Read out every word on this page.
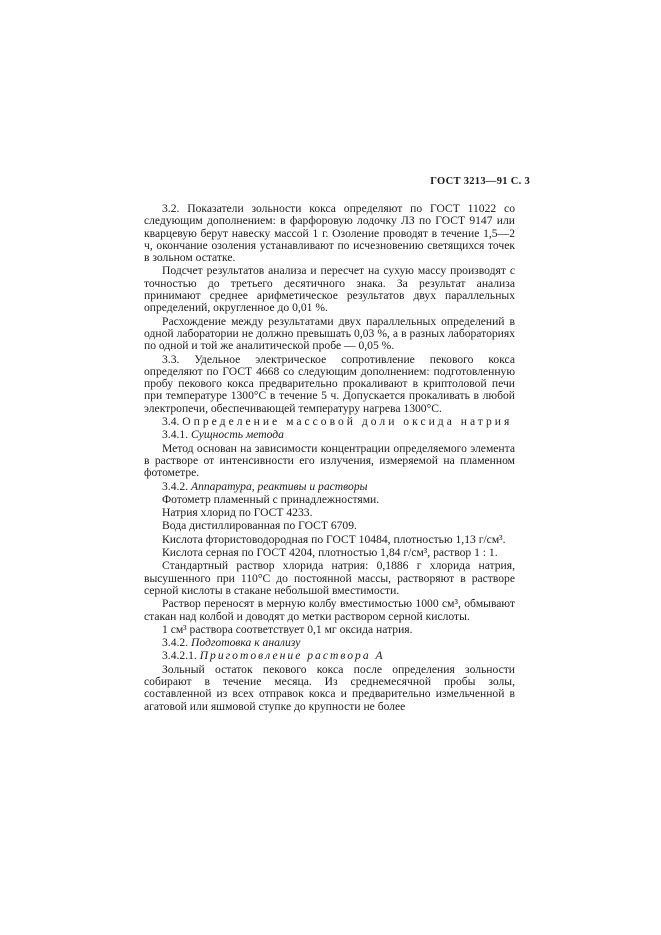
ГОСТ 3213—91 С. 3

3.2. Показатели зольности кокса определяют по ГОСТ 11022 со следующим дополнением: в фарфоровую лодочку ЛЗ по ГОСТ 9147 или кварцевую берут навеску массой 1 г. Озоление проводят в течение 1,5—2 ч, окончание озоления устанавливают по исчезновению светящихся точек в зольном остатке.

Подсчет результатов анализа и пересчет на сухую массу производят с точностью до третьего десятичного знака. За результат анализа принимают среднее арифметическое результатов двух параллельных определений, округленное до 0,01 %.

Расхождение между результатами двух параллельных определений в одной лаборатории не должно превышать 0,03 %, а в разных лабораториях по одной и той же аналитической пробе — 0,05 %.

3.3. Удельное электрическое сопротивление пекового кокса определяют по ГОСТ 4668 со следующим дополнением: подготовленную пробу пекового кокса предварительно прокаливают в криптоловой печи при температуре 1300°С в течение 5 ч. Допускается прокаливать в любой электропечи, обеспечивающей температуру нагрева 1300°С.

3.4. Определение массовой доли оксида натрия

3.4.1. Сущность метода

Метод основан на зависимости концентрации определяемого элемента в растворе от интенсивности его излучения, измеряемой на пламенном фотометре.

3.4.2. Аппаратура, реактивы и растворы

Фотометр пламенный с принадлежностями.

Натрия хлорид по ГОСТ 4233.

Вода дистиллированная по ГОСТ 6709.

Кислота фтористоводородная по ГОСТ 10484, плотностью 1,13 г/см³.

Кислота серная по ГОСТ 4204, плотностью 1,84 г/см³, раствор 1 : 1.

Стандартный раствор хлорида натрия: 0,1886 г хлорида натрия, высушенного при 110°С до постоянной массы, растворяют в растворе серной кислоты в стакане небольшой вместимости.

Раствор переносят в мерную колбу вместимостью 1000 см³, обмывают стакан над колбой и доводят до метки раствором серной кислоты.

1 см³ раствора соответствует 0,1 мг оксида натрия.

3.4.2. Подготовка к анализу

3.4.2.1. Приготовление раствора А

Зольный остаток пекового кокса после определения зольности собирают в течение месяца. Из среднемесячной пробы золы, составленной из всех отправок кокса и предварительно измельченной в агатовой или яшмовой ступке до крупности не более
